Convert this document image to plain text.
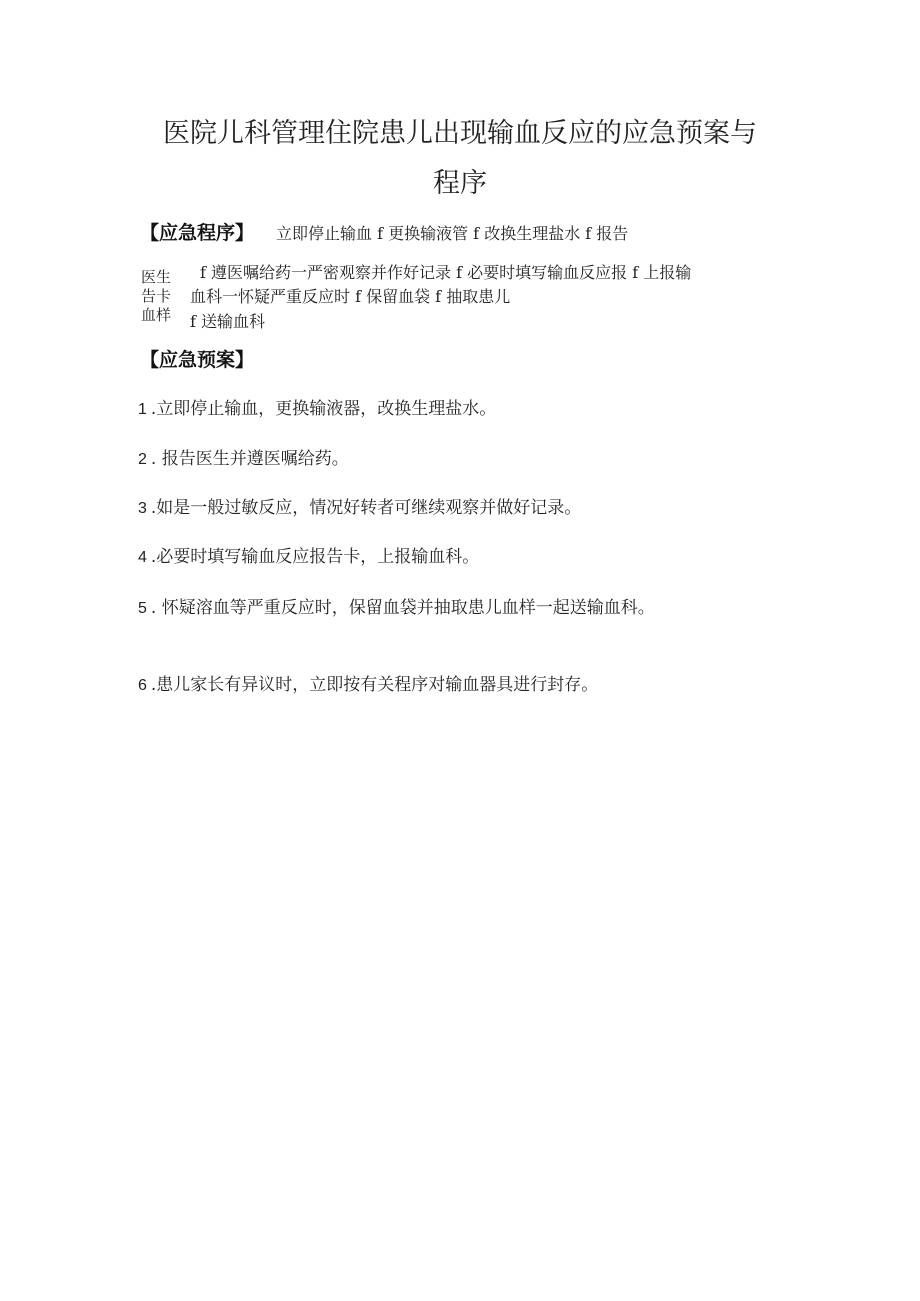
医院儿科管理住院患儿出现输血反应的应急预案与
程序
【应急程序】 立即停止输血 f 更换输液管 f 改换生理盐水 f 报告
医生
告卡
血样
f 遵医嘱给药一严密观察并作好记录 f 必要时填写输血反应报 f 上报输
血科一怀疑严重反应时 f 保留血袋 f 抽取患儿
f 送输血科
【应急预案】
1 .立即停止输血，更换输液器，改换生理盐水。
2 . 报告医生并遵医嘱给药。
3 .如是一般过敏反应，情况好转者可继续观察并做好记录。
4 .必要时填写输血反应报告卡，上报输血科。
5 . 怀疑溶血等严重反应时，保留血袋并抽取患儿血样一起送输血科。
6 .患儿家长有异议时，立即按有关程序对输血器具进行封存。
